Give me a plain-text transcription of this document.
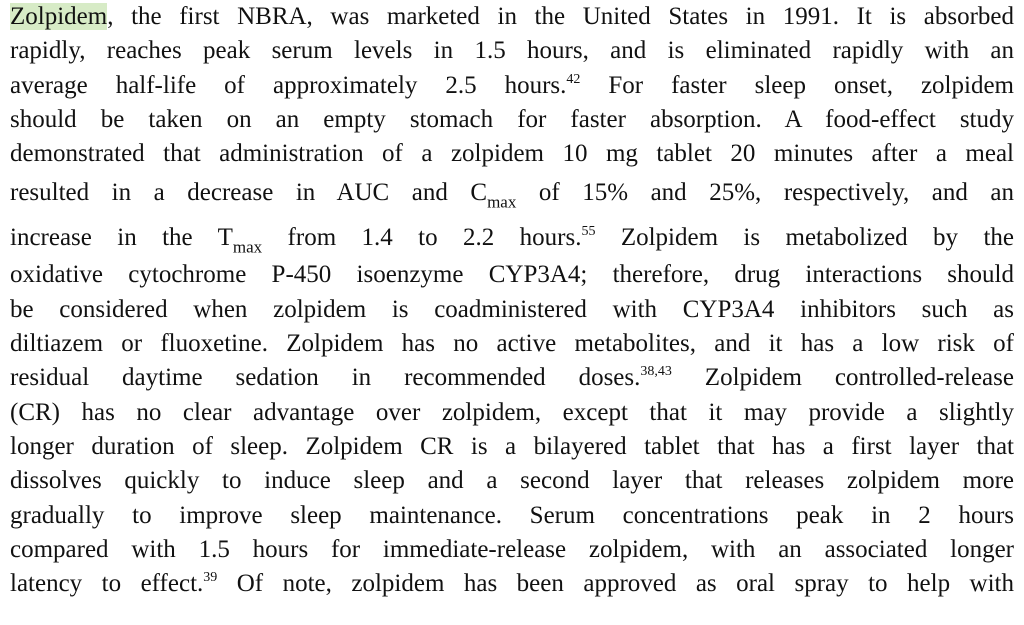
Zolpidem, the first NBRA, was marketed in the United States in 1991. It is absorbed
rapidly, reaches peak serum levels in 1.5 hours, and is eliminated rapidly with an
average half-life of approximately 2.5 hours.$^{42}$ For faster sleep onset, zolpidem
should be taken on an empty stomach for faster absorption. A food-effect study
demonstrated that administration of a zolpidem 10 mg tablet 20 minutes after a meal
resulted in a decrease in AUC and $C_{max}$ of 15% and 25%, respectively, and an
increase in the $T_{max}$ from 1.4 to 2.2 hours.$^{55}$ Zolpidem is metabolized by the
oxidative cytochrome P-450 isoenzyme CYP3A4; therefore, drug interactions should
be considered when zolpidem is coadministered with CYP3A4 inhibitors such as
diltiazem or fluoxetine. Zolpidem has no active metabolites, and it has a low risk of
residual daytime sedation in recommended doses.$^{38,43}$ Zolpidem controlled-release
(CR) has no clear advantage over zolpidem, except that it may provide a slightly
longer duration of sleep. Zolpidem CR is a bilayered tablet that has a first layer that
dissolves quickly to induce sleep and a second layer that releases zolpidem more
gradually to improve sleep maintenance. Serum concentrations peak in 2 hours
compared with 1.5 hours for immediate-release zolpidem, with an associated longer
latency to effect.$^{39}$ Of note, zolpidem has been approved as oral spray to help with
